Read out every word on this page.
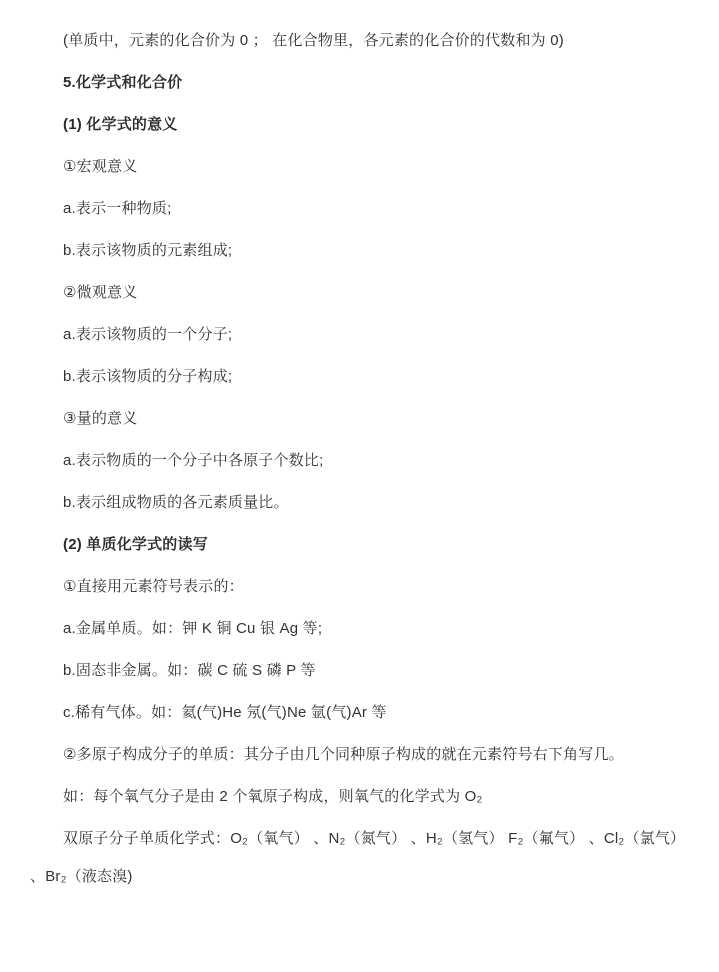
(单质中，元素的化合价为 0 ； 在化合物里，各元素的化合价的代数和为 0)

5.化学式和化合价

(1) 化学式的意义

①宏观意义

a.表示一种物质;

b.表示该物质的元素组成;

②微观意义

a.表示该物质的一个分子;

b.表示该物质的分子构成;

③量的意义

a.表示物质的一个分子中各原子个数比;

b.表示组成物质的各元素质量比。

(2) 单质化学式的读写

①直接用元素符号表示的：

a.金属单质。如：钾 K 铜 Cu 银 Ag 等;

b.固态非金属。如：碳 C 硫 S 磷 P 等

c.稀有气体。如：氦(气)He 氖(气)Ne 氩(气)Ar 等

②多原子构成分子的单质：其分子由几个同种原子构成的就在元素符号右下角写几。

如：每个氧气分子是由 2 个氧原子构成，则氧气的化学式为 O₂

双原子分子单质化学式：O₂（氧气） 、N₂（氮气） 、H₂（氢气） F₂（氟气） 、Cl₂（氯气） 、Br₂（液态溴)
